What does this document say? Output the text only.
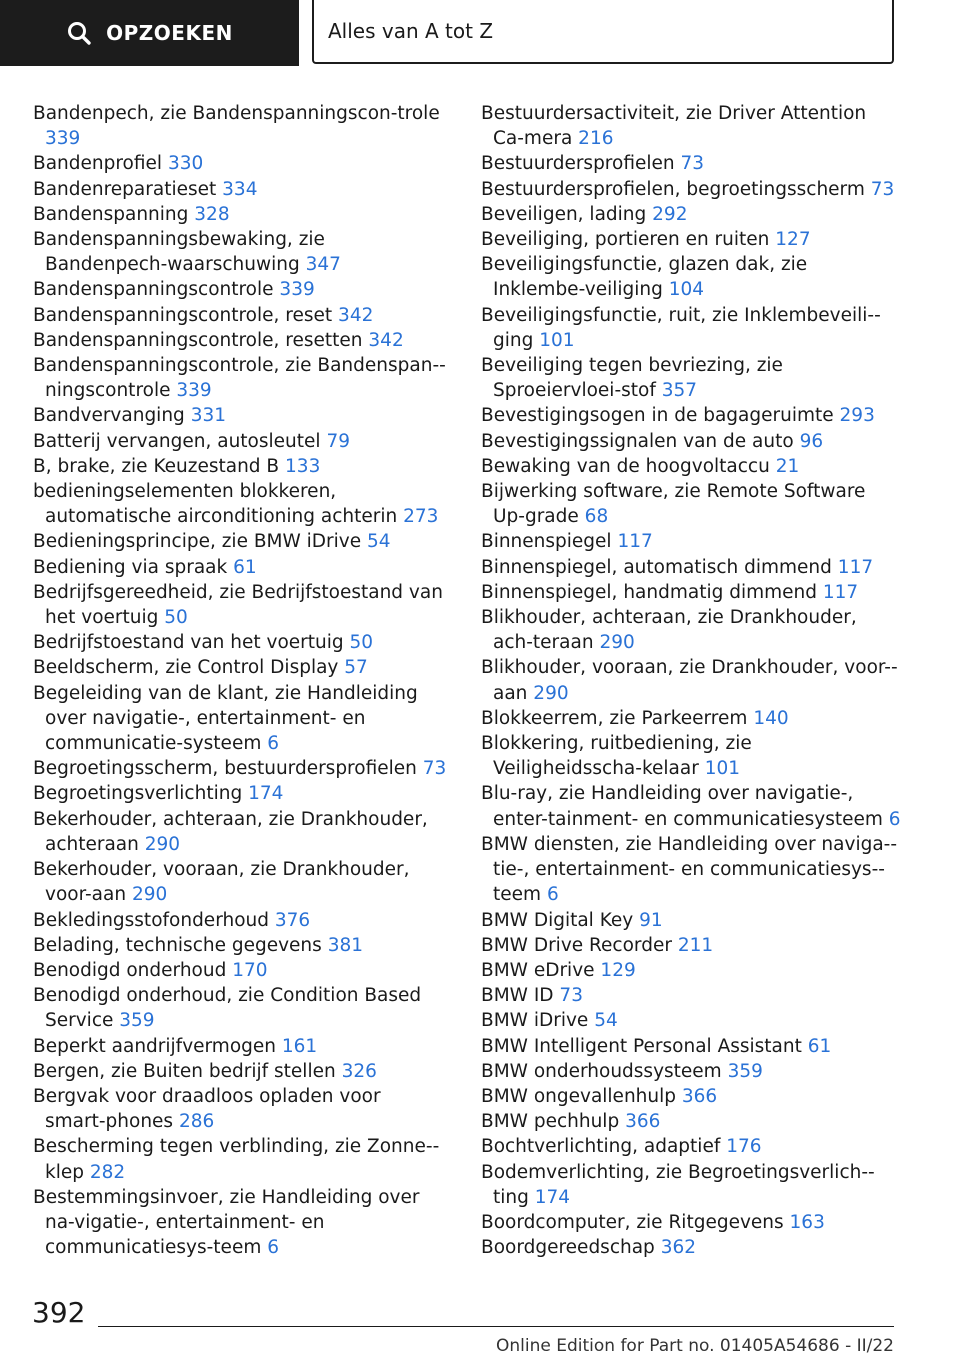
OPZOEKEN	Alles van A tot Z
Bandenpech, zie Bandenspanningscon-trole 339
Bandenprofiel 330
Bandenreparatieset 334
Bandenspanning 328
Bandenspanningsbewaking, zie Bandenpech-waarschuwing 347
Bandenspanningscontrole 339
Bandenspanningscontrole, reset 342
Bandenspanningscontrole, resetten 342
Bandenspanningscontrole, zie Bandenspan-ningscontrole 339
Bandvervanging 331
Batterij vervangen, autosleutel 79
B, brake, zie Keuzestand B 133
bedieningselementen blokkeren, automatische airconditioning achterin 273
Bedieningsprincipe, zie BMW iDrive 54
Bediening via spraak 61
Bedrijfsgereedheid, zie Bedrijfstoestand van het voertuig 50
Bedrijfstoestand van het voertuig 50
Beeldscherm, zie Control Display 57
Begeleiding van de klant, zie Handleiding over navigatie-, entertainment- en communicatie-systeem 6
Begroetingsscherm, bestuurdersprofielen 73
Begroetingsverlichting 174
Bekerhouder, achteraan, zie Drankhouder, achteraan 290
Bekerhouder, vooraan, zie Drankhouder, voor-aan 290
Bekledingsstofonderhoud 376
Belading, technische gegevens 381
Benodigd onderhoud 170
Benodigd onderhoud, zie Condition Based Service 359
Beperkt aandrijfvermogen 161
Bergen, zie Buiten bedrijf stellen 326
Bergvak voor draadloos opladen voor smart-phones 286
Bescherming tegen verblinding, zie Zonne-klep 282
Bestemmingsinvoer, zie Handleiding over na-vigatie-, entertainment- en communicatiesys-teem 6
Bestuurdersactiviteit, zie Driver Attention Ca-mera 216
Bestuurdersprofielen 73
Bestuurdersprofielen, begroetingsscherm 73
Beveiligen, lading 292
Beveiliging, portieren en ruiten 127
Beveiligingsfunctie, glazen dak, zie Inklembe-veiliging 104
Beveiligingsfunctie, ruit, zie Inklembeveili-ging 101
Beveiliging tegen bevriezing, zie Sproeiervloei-stof 357
Bevestigingsogen in de bagageruimte 293
Bevestigingssignalen van de auto 96
Bewaking van de hoogvoltaccu 21
Bijwerking software, zie Remote Software Up-grade 68
Binnenspiegel 117
Binnenspiegel, automatisch dimmend 117
Binnenspiegel, handmatig dimmend 117
Blikhouder, achteraan, zie Drankhouder, ach-teraan 290
Blikhouder, vooraan, zie Drankhouder, voor-aan 290
Blokkeerrem, zie Parkeerrem 140
Blokkering, ruitbediening, zie Veiligheidsscha-kelaar 101
Blu-ray, zie Handleiding over navigatie-, enter-tainment- en communicatiesysteem 6
BMW diensten, zie Handleiding over naviga-tie-, entertainment- en communicatiesys-teem 6
BMW Digital Key 91
BMW Drive Recorder 211
BMW eDrive 129
BMW ID 73
BMW iDrive 54
BMW Intelligent Personal Assistant 61
BMW onderhoudssysteem 359
BMW ongevallenhulp 366
BMW pechhulp 366
Bochtverlichting, adaptief 176
Bodemverlichting, zie Begroetingsverlich-ting 174
Boordcomputer, zie Ritgegevens 163
Boordgereedschap 362
392
Online Edition for Part no. 01405A54686 - II/22
